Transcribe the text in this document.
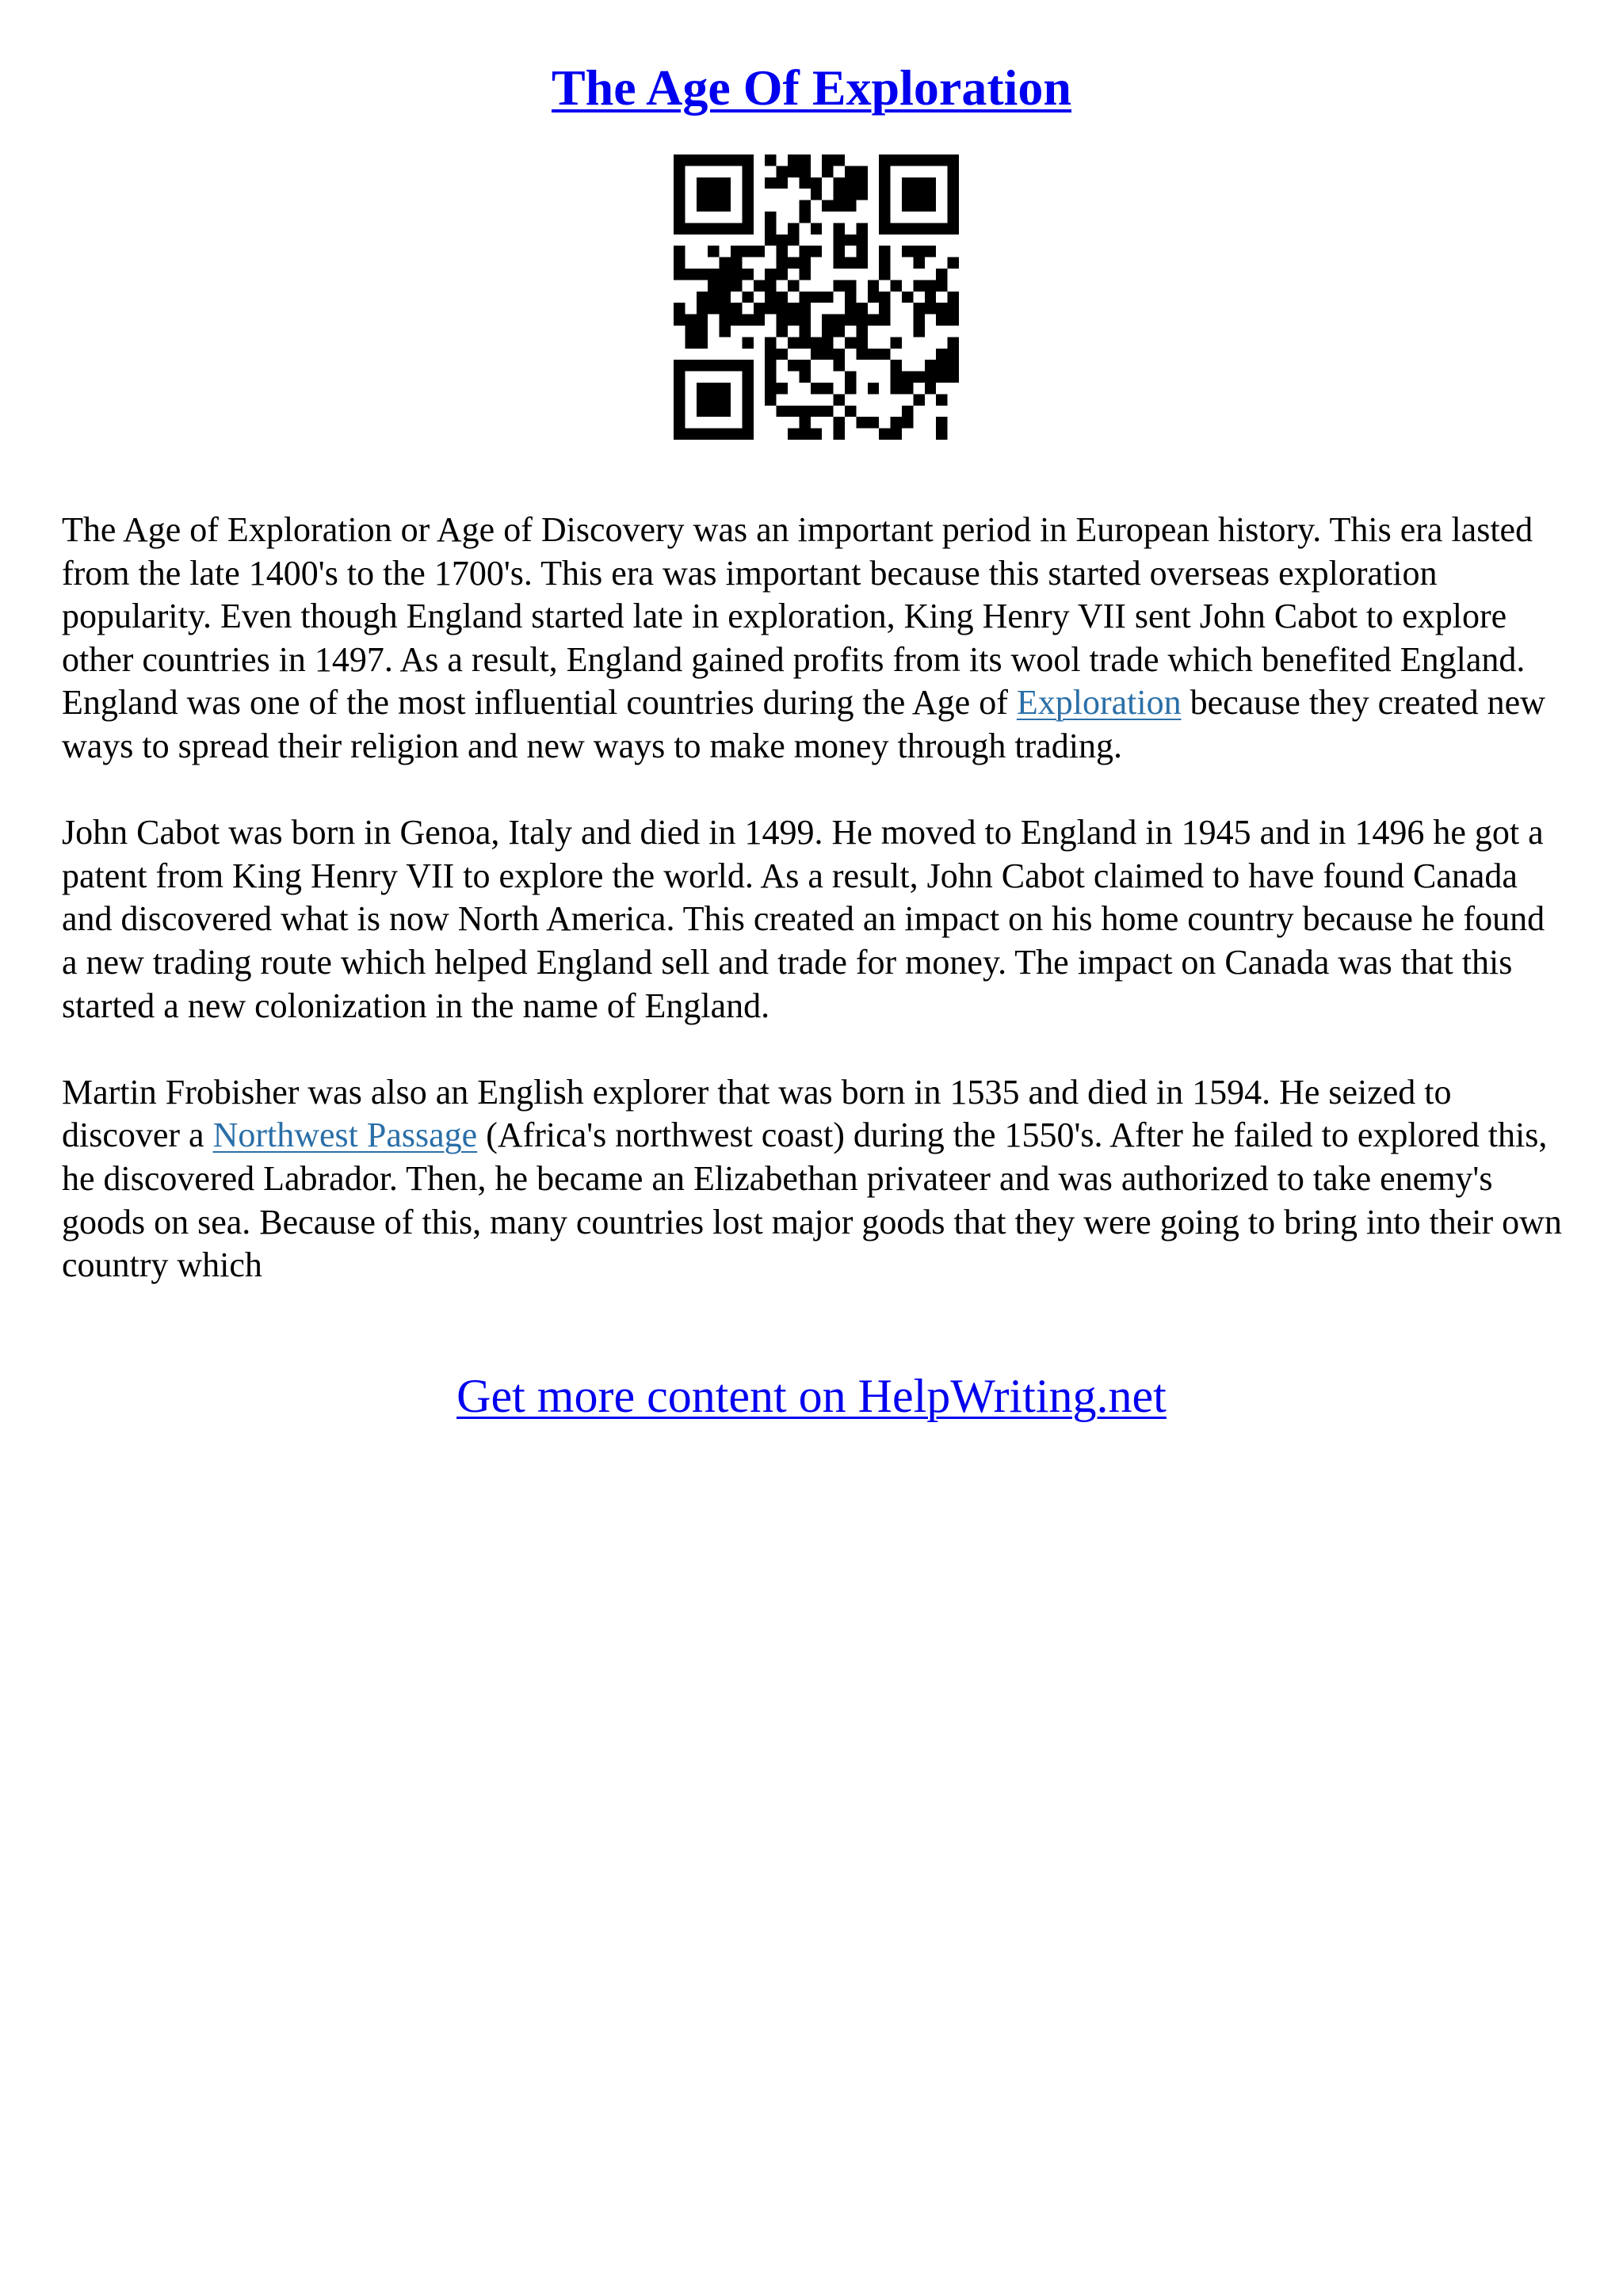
The Age Of Exploration

The Age of Exploration or Age of Discovery was an important period in European history. This era lasted from the late 1400's to the 1700's. This era was important because this started overseas exploration popularity. Even though England started late in exploration, King Henry VII sent John Cabot to explore other countries in 1497. As a result, England gained profits from its wool trade which benefited England. England was one of the most influential countries during the Age of Exploration because they created new ways to spread their religion and new ways to make money through trading.

John Cabot was born in Genoa, Italy and died in 1499. He moved to England in 1945 and in 1496 he got a patent from King Henry VII to explore the world. As a result, John Cabot claimed to have found Canada and discovered what is now North America. This created an impact on his home country because he found a new trading route which helped England sell and trade for money. The impact on Canada was that this started a new colonization in the name of England.

Martin Frobisher was also an English explorer that was born in 1535 and died in 1594. He seized to discover a Northwest Passage (Africa's northwest coast) during the 1550's. After he failed to explored this, he discovered Labrador. Then, he became an Elizabethan privateer and was authorized to take enemy's goods on sea. Because of this, many countries lost major goods that they were going to bring into their own country which

Get more content on HelpWriting.net
